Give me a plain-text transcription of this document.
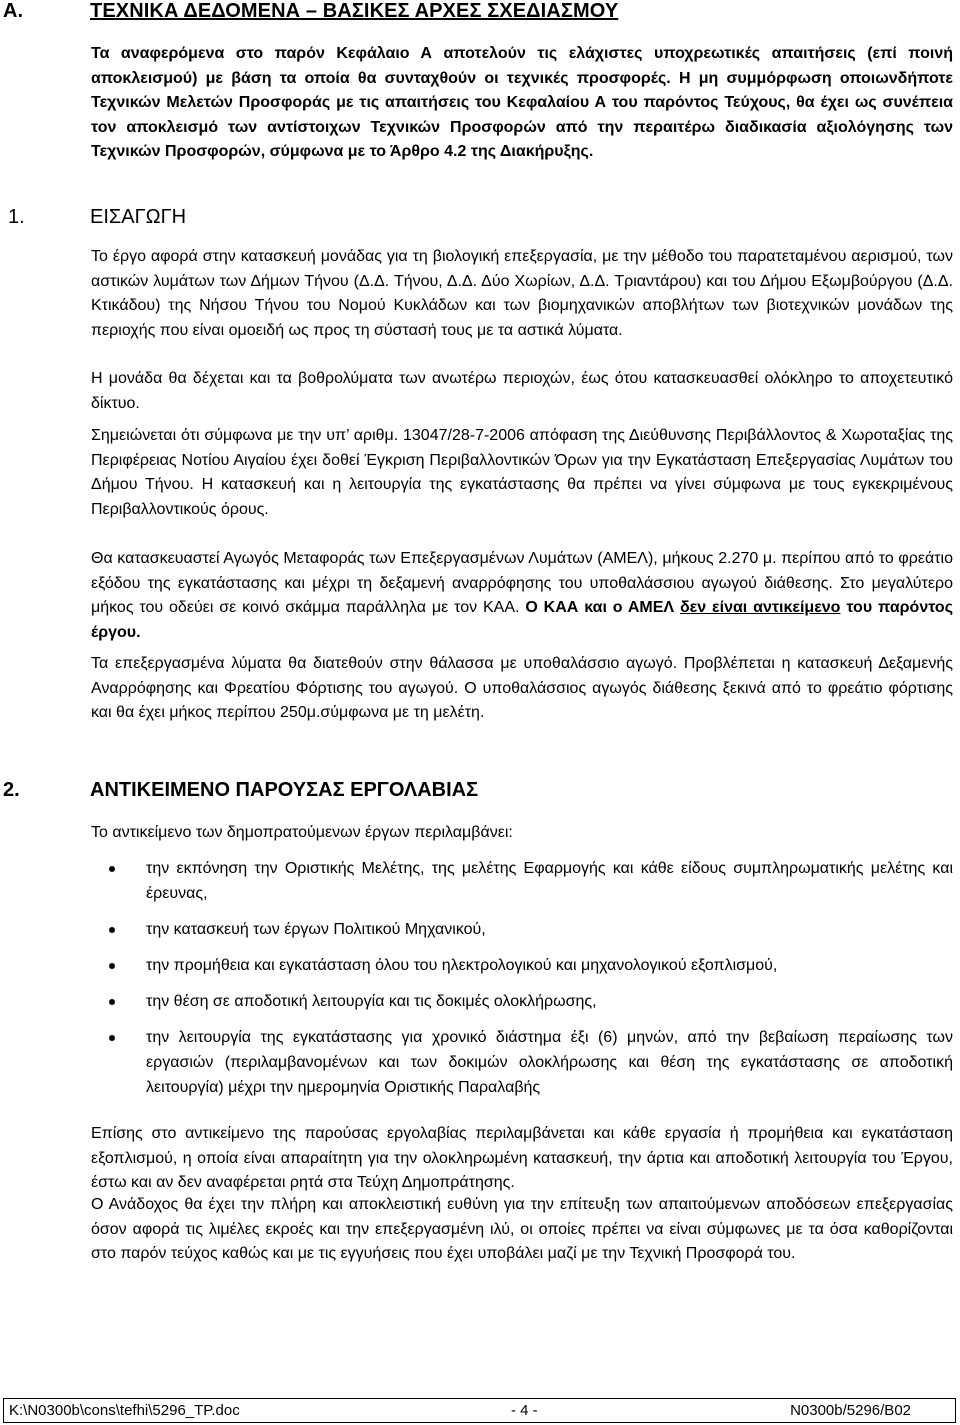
A.	ΤΕΧΝΙΚΑ ΔΕΔΟΜΕΝΑ – ΒΑΣΙΚΕΣ ΑΡΧΕΣ ΣΧΕΔΙΑΣΜΟΥ

Τα αναφερόμενα στο παρόν Κεφάλαιο Α αποτελούν τις ελάχιστες υποχρεωτικές απαιτήσεις (επί ποινή αποκλεισμού) με βάση τα οποία θα συνταχθούν οι τεχνικές προσφορές. Η μη συμμόρφωση οποιωνδήποτε Τεχνικών Μελετών Προσφοράς με τις απαιτήσεις του Κεφαλαίου Α του παρόντος Τεύχους, θα έχει ως συνέπεια τον αποκλεισμό των αντίστοιχων Τεχνικών Προσφορών από την περαιτέρω διαδικασία αξιολόγησης των Τεχνικών Προσφορών, σύμφωνα με το Άρθρο 4.2 της Διακήρυξης.

1.	ΕΙΣΑΓΩΓΗ

Το έργο αφορά στην κατασκευή μονάδας για τη βιολογική επεξεργασία, με την μέθοδο του παρατεταμένου αερισμού, των αστικών λυμάτων των Δήμων Τήνου (Δ.Δ. Τήνου, Δ.Δ. Δύο Χωρίων, Δ.Δ. Τριαντάρου) και του Δήμου Εξωμβούργου (Δ.Δ. Κτικάδου) της Νήσου Τήνου του Νομού Κυκλάδων και των βιομηχανικών αποβλήτων των βιοτεχνικών μονάδων της περιοχής που είναι ομοειδή ως προς τη σύστασή τους με τα αστικά λύματα.

Η μονάδα θα δέχεται και τα βοθρολύματα των ανωτέρω περιοχών, έως ότου κατασκευασθεί ολόκληρο το αποχετευτικό δίκτυο.

Σημειώνεται ότι σύμφωνα με την υπ’ αριθμ. 13047/28-7-2006 απόφαση της Διεύθυνσης Περιβάλλοντος & Χωροταξίας της Περιφέρειας Νοτίου Αιγαίου έχει δοθεί Έγκριση Περιβαλλοντικών Όρων για την Εγκατάσταση Επεξεργασίας Λυμάτων του Δήμου Τήνου. Η κατασκευή και η λειτουργία της εγκατάστασης θα πρέπει να γίνει σύμφωνα με τους εγκεκριμένους Περιβαλλοντικούς όρους.

Θα κατασκευαστεί Αγωγός Μεταφοράς των Επεξεργασμένων Λυμάτων (ΑΜΕΛ), μήκους 2.270 μ. περίπου από το φρεάτιο εξόδου της εγκατάστασης και μέχρι τη δεξαμενή αναρρόφησης του υποθαλάσσιου αγωγού διάθεσης. Στο μεγαλύτερο μήκος του οδεύει σε κοινό σκάμμα παράλληλα με τον ΚΑΑ. Ο ΚΑΑ και ο ΑΜΕΛ δεν είναι αντικείμενο του παρόντος έργου.

Τα επεξεργασμένα λύματα θα διατεθούν στην θάλασσα με υποθαλάσσιο αγωγό. Προβλέπεται η κατασκευή Δεξαμενής Αναρρόφησης και Φρεατίου Φόρτισης του αγωγού. Ο υποθαλάσσιος αγωγός διάθεσης ξεκινά από το φρεάτιο φόρτισης και θα έχει μήκος περίπου 250μ.σύμφωνα με τη μελέτη.

2.	ΑΝΤΙΚΕΙΜΕΝΟ ΠΑΡΟΥΣΑΣ ΕΡΓΟΛΑΒΙΑΣ

Το αντικείμενο των δημοπρατούμενων έργων περιλαμβάνει:

την εκπόνηση την Οριστικής Μελέτης, της μελέτης Εφαρμογής και κάθε είδους συμπληρωματικής μελέτης και έρευνας,
την κατασκευή των έργων Πολιτικού Μηχανικού,
την προμήθεια και εγκατάσταση όλου του ηλεκτρολογικού και μηχανολογικού εξοπλισμού,
την θέση σε αποδοτική λειτουργία και τις δοκιμές ολοκλήρωσης,
την λειτουργία της εγκατάστασης για χρονικό διάστημα έξι (6) μηνών, από την βεβαίωση περαίωσης των εργασιών (περιλαμβανομένων και των δοκιμών ολοκλήρωσης και θέση της εγκατάστασης σε αποδοτική λειτουργία) μέχρι την ημερομηνία Οριστικής Παραλαβής

Επίσης στο αντικείμενο της παρούσας εργολαβίας περιλαμβάνεται και κάθε εργασία ή προμήθεια και εγκατάσταση εξοπλισμού, η οποία είναι απαραίτητη για την ολοκληρωμένη κατασκευή, την άρτια και αποδοτική λειτουργία του Έργου, έστω και αν δεν αναφέρεται ρητά στα Τεύχη Δημοπράτησης.

Ο Ανάδοχος θα έχει την πλήρη και αποκλειστική ευθύνη για την επίτευξη των απαιτούμενων αποδόσεων επεξεργασίας όσον αφορά τις λιμέλες εκροές και την επεξεργασμένη ιλύ, οι οποίες πρέπει να είναι σύμφωνες με τα όσα καθορίζονται στο παρόν τεύχος καθώς και με τις εγγυήσεις που έχει υποβάλει μαζί με την Τεχνική Προσφορά του.

K:\N0300b\cons\tefhi\5296_TP.doc	- 4 -	N0300b/5296/B02
